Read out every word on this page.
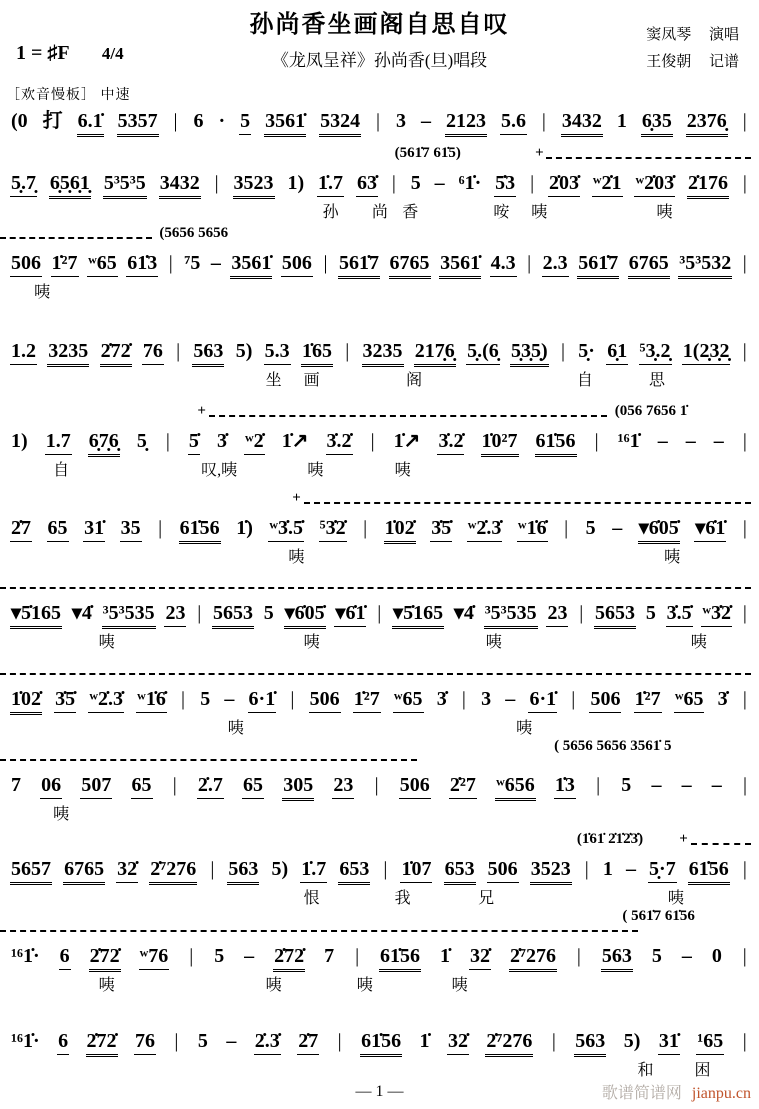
孙尚香坐画阁自思自叹
《龙凤呈祥》孙尚香(旦)唱段
窦凤琴 演唱
王俊朝 记谱
1 = ♯F 4/4
［欢音慢板］ 中速
(0 打 6.1̇ 5357 | 6 · 5 3561̇ 5324 | 3 – 2123 5.6 | 3432 1 6̣35 2376̣ |
(561̇7 61̇5)	+
5̣.7̣ 6̣5̣6̣1̣ 5³5³5 3432 | 3523 1) 1̇.7 63̇ | 5 – ⁶1̇· 5̇3 | 2̇03̇ ʷ2̇1 ʷ2̇03̇ 2̇176 |
孙 尚 香	咹 咦	咦
(5656 5656
506 1̇²7 ʷ65 61̇3 | ⁷5 – 3561̇ 506 | 561̇7 6765 3561̇ 4.3 | 2.3 561̇7 6765 ³5³532 |
咦
1.2 3235 2̇72̇ 76 | 563 5) 5.3 1̇65 | 3235 217̣6̣ 5̣.(6̣ 5̣3̣5̣) | 5̣· 6̣1 ⁵3̣.2̣ 1(2̣3̣2̣ |
坐 画	阁	自	思
+	(056 7656 1̇
1) 1.7 6̣7̣6̣ 5̣ | 5̇ 3̇ ʷ2̇ 1̇↗ 3̇.2̇ | 1̇↗ 3̇.2̇ 1̇0²7 61̇56 | ¹⁶1̇ – – – |
自	叹,咦	咦	咦
+
2̇7 65 31̇ 35 | 61̇56 1̇) ʷ3̇.5̇ ⁵3̇2̇ | 1̇02̇ 3̇5̇ ʷ2̇.3̇ ʷ1̇6̇ | 5 – ▾6̇05̇ ▾6̇1̇ |
咦	咦
▾5̇165 ▾4̇ ³5³535 23 | 5653 5 ▾6̇05̇ ▾6̇1̇ | ▾5̇165 ▾4̇ ³5³535 23 | 5653 5 3̇.5̇ ʷ3̇2̇ |
咦	咦	咦	咦
1̇02̇ 3̇5̇ ʷ2̇.3̇ ʷ1̇6̇ | 5 – 6·1̇ | 506 1̇²7 ʷ65 3̇ | 3 – 6·1̇ | 506 1̇²7 ʷ65 3̇ |
咦	咦
( 5656 5656 3561̇ 5
7 06 507 65 | 2̇.7 65 305 23 | 506 2̇²7 ʷ656 1̇3 | 5 – – – |
咦
(1̇61̇ 2̇1̇2̇3̇) +
5657 6765 32̇ 2̇⁷276 | 563 5) 1̇.7 653 | 1̇07 653 506 3523 | 1 – 5̣·7 61̇56 |
恨	我	兄	咦
( 561̇7 61̇56
¹⁶1̇· 6 2̇72̇ ʷ76 | 5 – 2̇72̇ 7 | 61̇56 1̇ 32̇ 2̇⁷276 | 563 5 – 0 |
咦	咦	咦	咦
¹⁶1̇· 6 2̇72̇ 76 | 5 – 2̇.3̇ 2̇7 | 61̇56 1̇ 32̇ 2̇⁷276 | 563 5) 31̇ ¹65 |
和	困
— 1 —	歌谱简谱网 jianpu.cn
